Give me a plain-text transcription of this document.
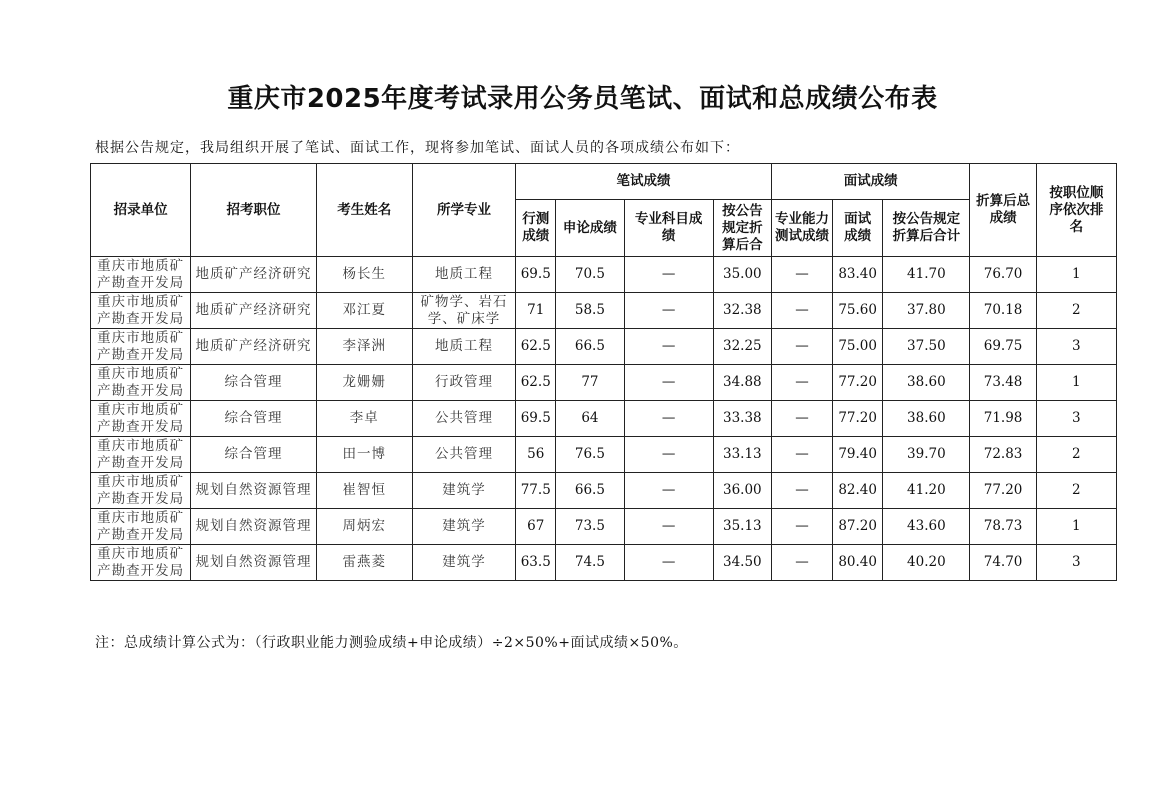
重庆市2025年度考试录用公务员笔试、面试和总成绩公布表
根据公告规定，我局组织开展了笔试、面试工作，现将参加笔试、面试人员的各项成绩公布如下：
招录单位	招考职位	考生姓名	所学专业	笔试成绩				面试成绩			折算后总成绩	按职位顺序依次排名
				行测成绩	申论成绩	专业科目成绩	按公告规定折算后合	专业能力测试成绩	面试成绩	按公告规定折算后合计		
重庆市地质矿产勘查开发局	地质矿产经济研究	杨长生	地质工程	69.5	70.5	—	35.00	—	83.40	41.70	76.70	1
重庆市地质矿产勘查开发局	地质矿产经济研究	邓江夏	矿物学、岩石学、矿床学	71	58.5	—	32.38	—	75.60	37.80	70.18	2
重庆市地质矿产勘查开发局	地质矿产经济研究	李泽洲	地质工程	62.5	66.5	—	32.25	—	75.00	37.50	69.75	3
重庆市地质矿产勘查开发局	综合管理	龙姗姗	行政管理	62.5	77	—	34.88	—	77.20	38.60	73.48	1
重庆市地质矿产勘查开发局	综合管理	李卓	公共管理	69.5	64	—	33.38	—	77.20	38.60	71.98	3
重庆市地质矿产勘查开发局	综合管理	田一博	公共管理	56	76.5	—	33.13	—	79.40	39.70	72.83	2
重庆市地质矿产勘查开发局	规划自然资源管理	崔智恒	建筑学	77.5	66.5	—	36.00	—	82.40	41.20	77.20	2
重庆市地质矿产勘查开发局	规划自然资源管理	周炳宏	建筑学	67	73.5	—	35.13	—	87.20	43.60	78.73	1
重庆市地质矿产勘查开发局	规划自然资源管理	雷燕菱	建筑学	63.5	74.5	—	34.50	—	80.40	40.20	74.70	3
注：总成绩计算公式为：（行政职业能力测验成绩+申论成绩）÷2×50%+面试成绩×50%。
